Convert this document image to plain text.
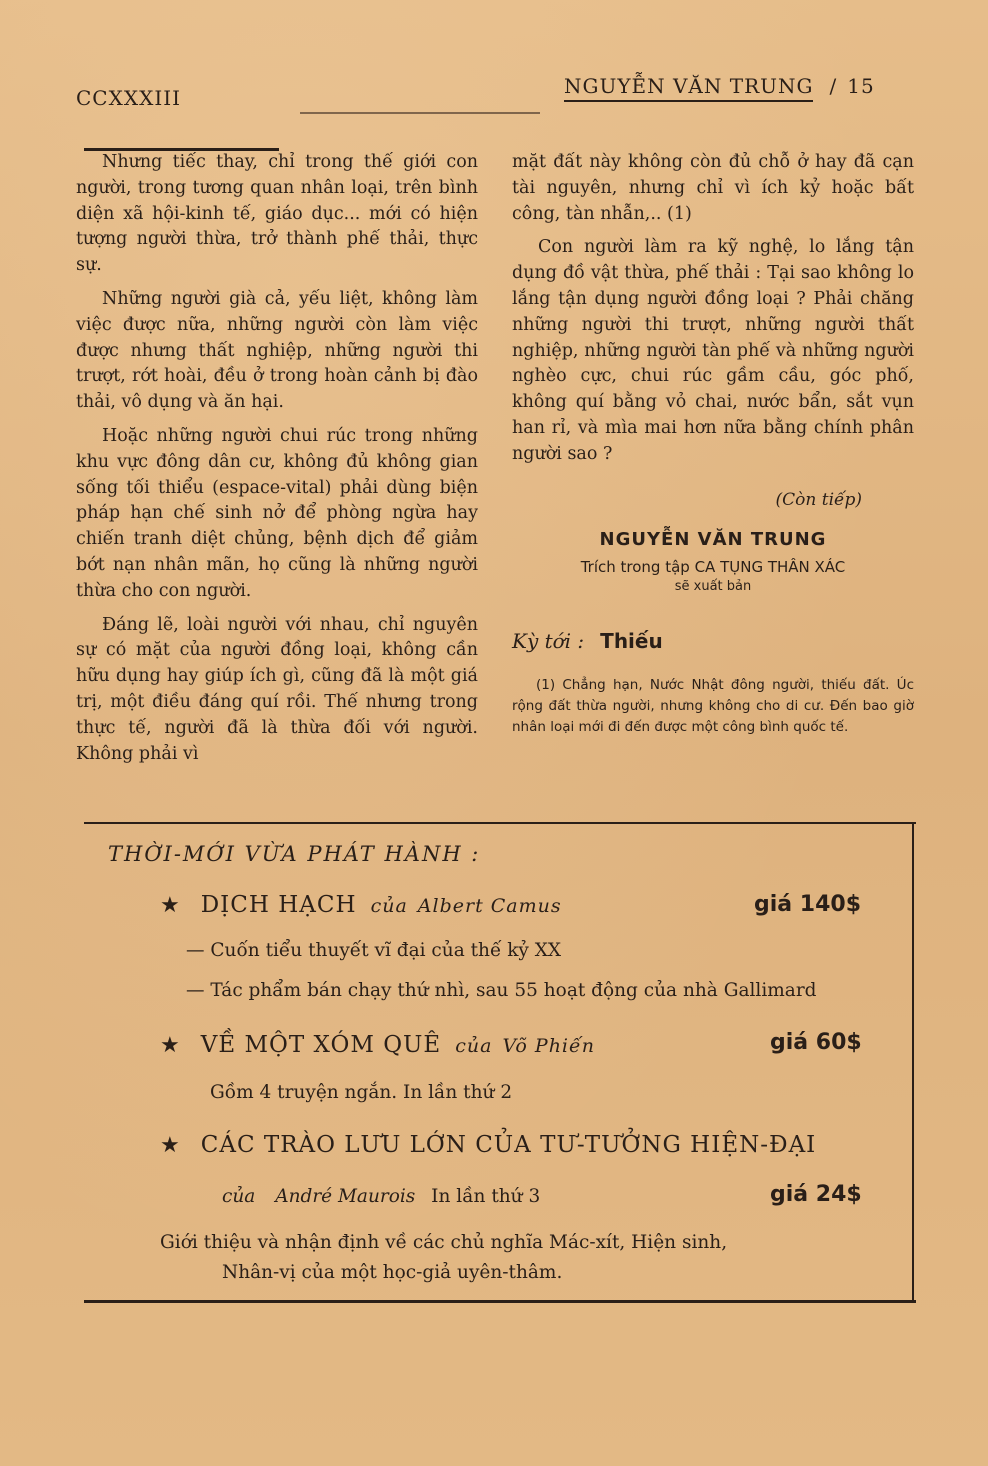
CCXXXIII	NGUYỄN VĂN TRUNG / 15

Nhưng tiếc thay, chỉ trong thế giới con người, trong tương quan nhân loại, trên bình diện xã hội-kinh tế, giáo dục... mới có hiện tượng người thừa, trở thành phế thải, thực sự.

Những người già cả, yếu liệt, không làm việc được nữa, những người còn làm việc được nhưng thất nghiệp, những người thi trượt, rớt hoài, đều ở trong hoàn cảnh bị đào thải, vô dụng và ăn hại.

Hoặc những người chui rúc trong những khu vực đông dân cư, không đủ không gian sống tối thiểu (espace-vital) phải dùng biện pháp hạn chế sinh nở để phòng ngừa hay chiến tranh diệt chủng, bệnh dịch để giảm bớt nạn nhân mãn, họ cũng là những người thừa cho con người.

Đáng lẽ, loài người với nhau, chỉ nguyên sự có mặt của người đồng loại, không cần hữu dụng hay giúp ích gì, cũng đã là một giá trị, một điều đáng quí rồi. Thế nhưng trong thực tế, người đã là thừa đối với người. Không phải vì

mặt đất này không còn đủ chỗ ở hay đã cạn tài nguyên, nhưng chỉ vì ích kỷ hoặc bất công, tàn nhẫn,.. (1)

Con người làm ra kỹ nghệ, lo lắng tận dụng đồ vật thừa, phế thải : Tại sao không lo lắng tận dụng người đồng loại ? Phải chăng những người thi trượt, những người thất nghiệp, những người tàn phế và những người nghèo cực, chui rúc gầm cầu, góc phố, không quí bằng vỏ chai, nước bẩn, sắt vụn han rỉ, và mìa mai hơn nữa bằng chính phân người sao ?

(Còn tiếp)
NGUYỄN VĂN TRUNG
Trích trong tập CA TỤNG THÂN XÁC
sẽ xuất bản
Kỳ tới : Thiếu
(1) Chẳng hạn, Nước Nhật đông người, thiếu đất. Úc rộng đất thừa người, nhưng không cho di cư. Đến bao giờ nhân loại mới đi đến được một công bình quốc tế.
THỜI-MỚI VỪA PHÁT HÀNH :
★ DỊCH HẠCH của Albert Camus	giá 140$
— Cuốn tiểu thuyết vĩ đại của thế kỷ XX
— Tác phẩm bán chạy thứ nhì, sau 55 hoạt động của nhà Gallimard
★ VỀ MỘT XÓM QUÊ của Võ Phiến	giá 60$
Gồm 4 truyện ngắn. In lần thứ 2
★ CÁC TRÀO LƯU LỚN CỦA TƯ-TƯỞNG HIỆN-ĐẠI
của André Maurois In lần thứ 3	giá 24$
Giới thiệu và nhận định về các chủ nghĩa Mác-xít, Hiện sinh,
Nhân-vị của một học-giả uyên-thâm.
